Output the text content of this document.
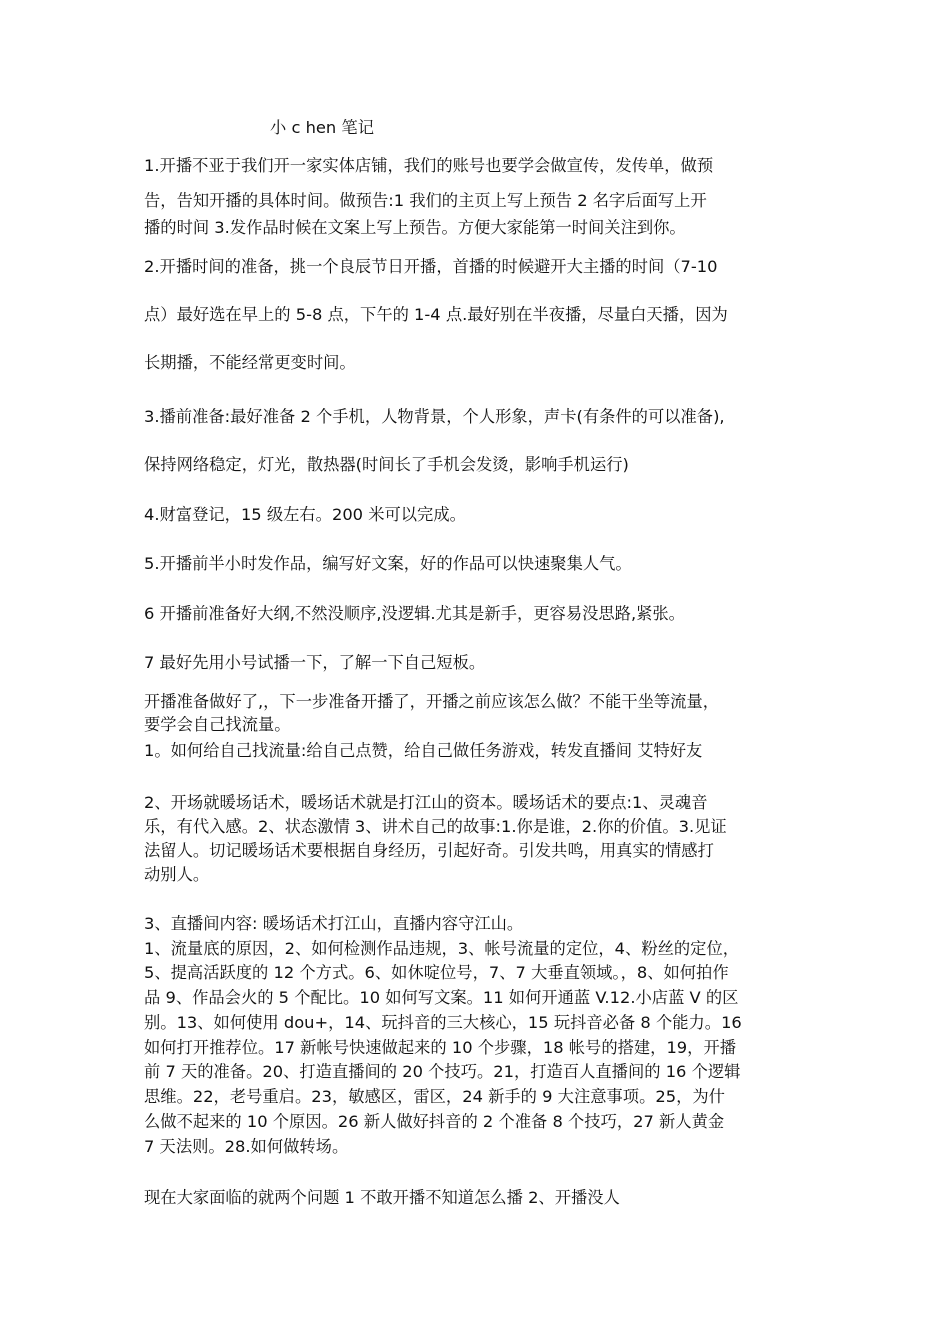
小 c hen 笔记

1.开播不亚于我们开一家实体店铺，我们的账号也要学会做宣传，发传单，做预

告，告知开播的具体时间。做预告:1 我们的主页上写上预告 2 名字后面写上开

播的时间 3.发作品时候在文案上写上预告。方便大家能第一时间关注到你。

2.开播时间的准备，挑一个良辰节日开播，首播的时候避开大主播的时间（7-10

点）最好选在早上的 5-8 点，下午的 1-4 点.最好别在半夜播，尽量白天播，因为

长期播，不能经常更变时间。

3.播前准备:最好准备 2 个手机，人物背景，个人形象，声卡(有条件的可以准备),

保持网络稳定，灯光，散热器(时间长了手机会发烫，影响手机运行)

4.财富登记，15 级左右。200 米可以完成。

5.开播前半小时发作品，编写好文案，好的作品可以快速聚集人气。

6 开播前准备好大纲,不然没顺序,没逻辑.尤其是新手，更容易没思路,紧张。

7 最好先用小号试播一下，了解一下自己短板。

开播准备做好了,，下一步准备开播了，开播之前应该怎么做？不能干坐等流量，

要学会自己找流量。

1。如何给自己找流量:给自己点赞，给自己做任务游戏，转发直播间 艾特好友

2、开场就暖场话术，暖场话术就是打江山的资本。暖场话术的要点:1、灵魂音

乐，有代入感。2、状态激情 3、讲术自己的故事:1.你是谁，2.你的价值。3.见证

法留人。切记暖场话术要根据自身经历，引起好奇。引发共鸣，用真实的情感打

动别人。

3、直播间内容: 暖场话术打江山，直播内容守江山。

1、流量底的原因，2、如何检测作品违规，3、帐号流量的定位，4、粉丝的定位，

5、提高活跃度的 12 个方式。6、如休啶位号，7、7 大垂直领域。，8、如何拍作

品 9、作品会火的 5 个配比。10 如何写文案。11 如何开通蓝 V.12.小店蓝 V 的区

别。13、如何使用 dou+，14、玩抖音的三大核心，15 玩抖音必备 8 个能力。16

如何打开推荐位。17 新帐号快速做起来的 10 个步骤，18 帐号的搭建，19，开播

前 7 天的准备。20、打造直播间的 20 个技巧。21，打造百人直播间的 16 个逻辑

思维。22，老号重启。23，敏感区，雷区，24 新手的 9 大注意事项。25，为什

么做不起来的 10 个原因。26 新人做好抖音的 2 个准备 8 个技巧，27 新人黄金

7 天法则。28.如何做转场。

现在大家面临的就两个问题 1 不敢开播不知道怎么播 2、开播没人
